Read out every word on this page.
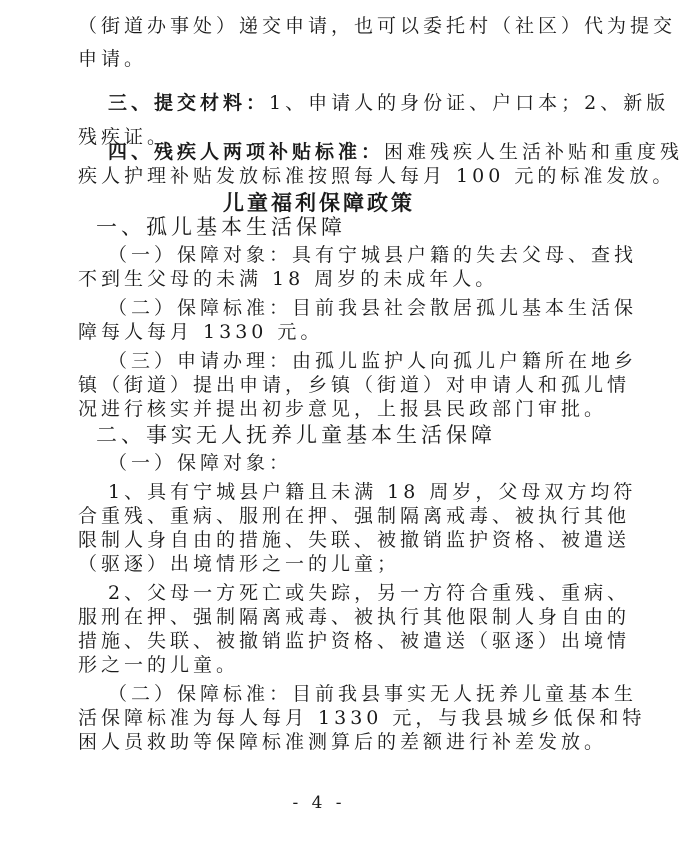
（街道办事处）递交申请，也可以委托村（社区）代为提交
申请。
三、提交材料：1、申请人的身份证、户口本；2、新版
残疾证。
四、残疾人两项补贴标准：困难残疾人生活补贴和重度残
疾人护理补贴发放标准按照每人每月 100 元的标准发放。
儿童福利保障政策
一、孤儿基本生活保障
（一）保障对象：具有宁城县户籍的失去父母、查找
不到生父母的未满 18 周岁的未成年人。
（二）保障标准：目前我县社会散居孤儿基本生活保
障每人每月 1330 元。
（三）申请办理：由孤儿监护人向孤儿户籍所在地乡
镇（街道）提出申请，乡镇（街道）对申请人和孤儿情
况进行核实并提出初步意见，上报县民政部门审批。
二、事实无人抚养儿童基本生活保障
（一）保障对象：
1、具有宁城县户籍且未满 18 周岁，父母双方均符
合重残、重病、服刑在押、强制隔离戒毒、被执行其他
限制人身自由的措施、失联、被撤销监护资格、被遣送
（驱逐）出境情形之一的儿童；
2、父母一方死亡或失踪，另一方符合重残、重病、
服刑在押、强制隔离戒毒、被执行其他限制人身自由的
措施、失联、被撤销监护资格、被遣送（驱逐）出境情
形之一的儿童。
（二）保障标准：目前我县事实无人抚养儿童基本生
活保障标准为每人每月 1330 元，与我县城乡低保和特
困人员救助等保障标准测算后的差额进行补差发放。
- 4 -
